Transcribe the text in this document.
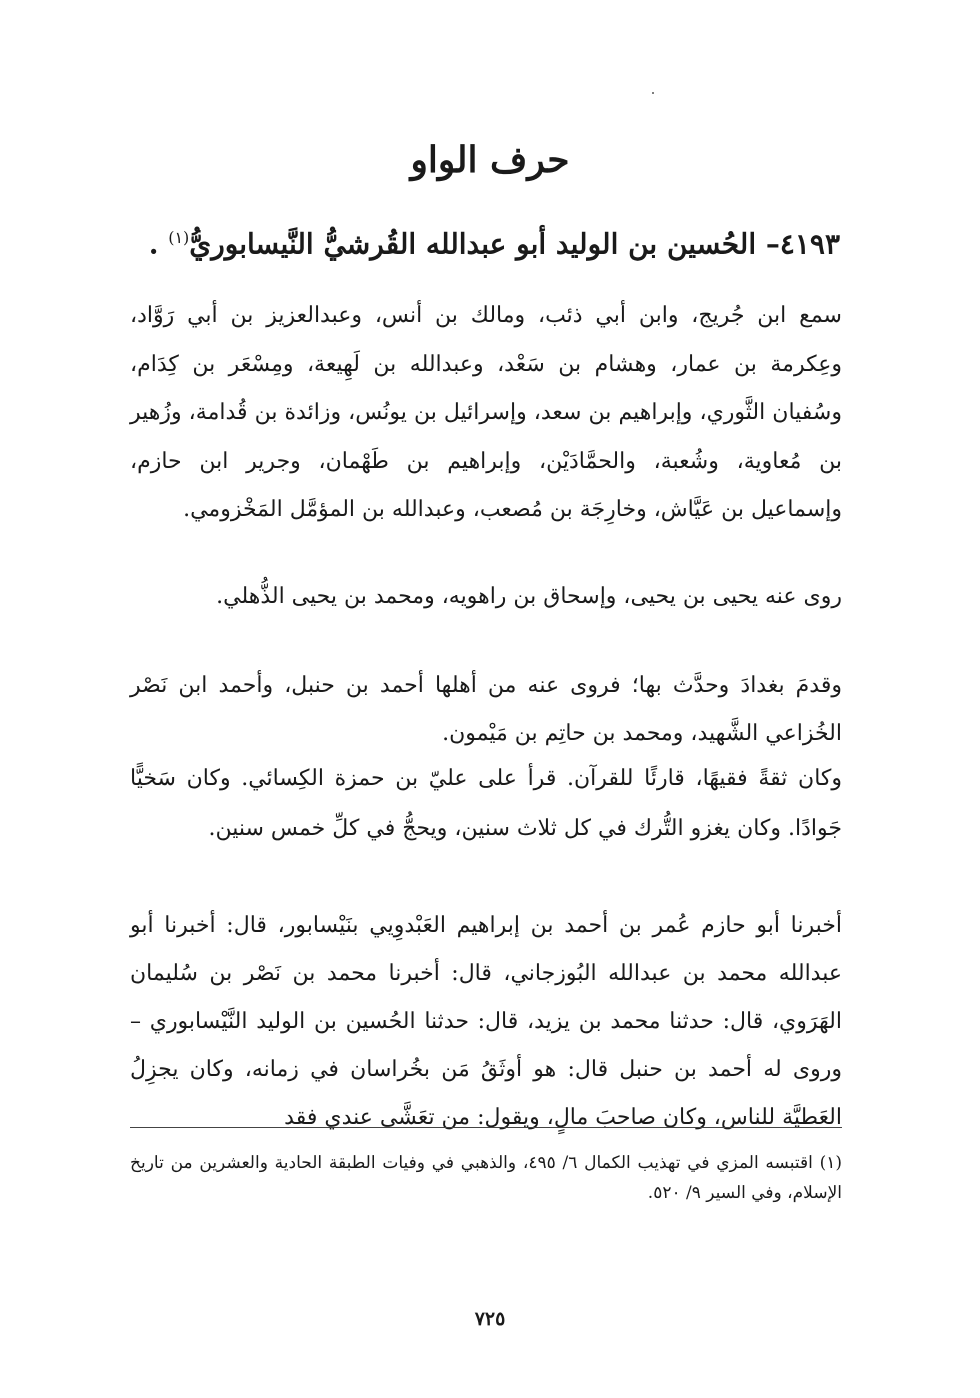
حرف الواو
٤١٩٣– الحُسين بن الوليد أبو عبدالله القُرشيُّ النَّيسابوريُّ$^{(١)}$ .

سمع ابن جُريج، وابن أبي ذئب، ومالك بن أنس، وعبدالعزيز بن أبي رَوَّاد، وعِكرمة بن عمار، وهشام بن سَعْد، وعبدالله بن لَهِيعة، ومِسْعَر بن كِدَام، وسُفيان الثَّوري، وإبراهيم بن سعد، وإسرائيل بن يونُس، وزائدة بن قُدامة، وزُهير بن مُعاوية، وشُعبة، والحمَّادَيْن، وإبراهيم بن طَهْمان، وجرير ابن حازم، وإسماعيل بن عَيَّاش، وخارِجَة بن مُصعب، وعبدالله بن المؤمَّل المَخْزومي.

روى عنه يحيى بن يحيى، وإسحاق بن راهويه، ومحمد بن يحيى الذُّهلي.

وقدمَ بغدادَ وحدَّث بها؛ فروى عنه من أهلها أحمد بن حنبل، وأحمد ابن نَصْر الخُزاعي الشَّهيد، ومحمد بن حاتِم بن مَيْمون.

وكان ثقةً فقيهًا، قارئًا للقرآن. قرأ على عليّ بن حمزة الكِسائي. وكان سَخيًّا جَوادًا. وكان يغزو التُّرك في كل ثلاث سنين، ويحجُّ في كلِّ خمس سنين.

أخبرنا أبو حازم عُمر بن أحمد بن إبراهيم العَبْدوِيي بنَيْسابور، قال: أخبرنا أبو عبدالله محمد بن عبدالله البُوزجاني، قال: أخبرنا محمد بن نَصْر بن سُليمان الهَرَوي، قال: حدثنا محمد بن يزيد، قال: حدثنا الحُسين بن الوليد النَّيْسابوري – وروى له أحمد بن حنبل قال: هو أوثَقُ مَن بخُراسان في زمانه، وكان يجزِلُ العَطيَّة للناس، وكان صاحبَ مالٍ، ويقول: من تعَشَّى عندي فقد

(١) اقتبسه المزي في تهذيب الكمال ٦/ ٤٩٥، والذهبي في وفيات الطبقة الحادية والعشرين من تاريخ الإسلام، وفي السير ٩/ ٥٢٠.

٧٢٥
